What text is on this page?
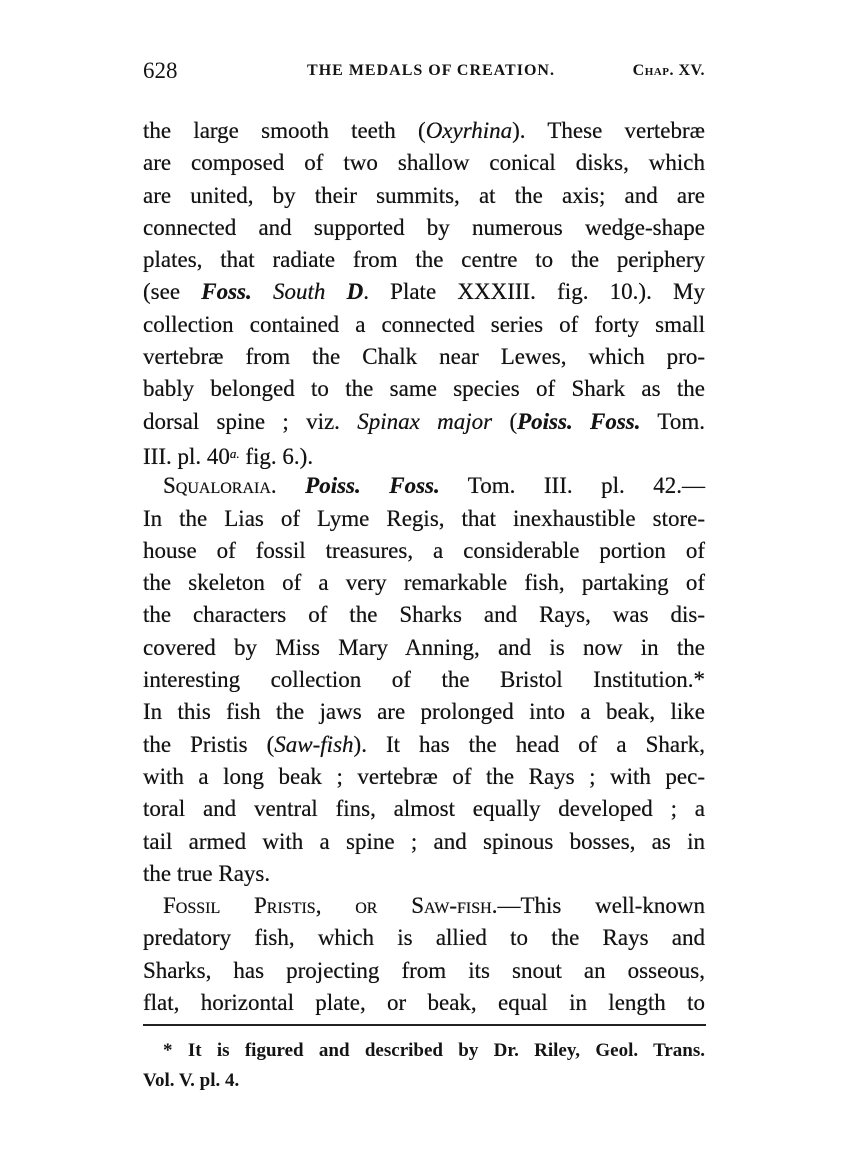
628	THE MEDALS OF CREATION.	Chap. XV.
the large smooth teeth (Oxyrhina). These vertebræ
are composed of two shallow conical disks, which
are united, by their summits, at the axis; and are
connected and supported by numerous wedge-shape
plates, that radiate from the centre to the periphery
(see Foss. South D. Plate XXXIII. fig. 10.). My
collection contained a connected series of forty small
vertebræ from the Chalk near Lewes, which pro-
bably belonged to the same species of Shark as the
dorsal spine ; viz. Spinax major (Poiss. Foss. Tom.
III. pl. $40^{a.}$ fig. 6.).
Squaloraia. Poiss. Foss. Tom. III. pl. 42.—
In the Lias of Lyme Regis, that inexhaustible store-
house of fossil treasures, a considerable portion of
the skeleton of a very remarkable fish, partaking of
the characters of the Sharks and Rays, was dis-
covered by Miss Mary Anning, and is now in the
interesting collection of the Bristol Institution.*
In this fish the jaws are prolonged into a beak, like
the Pristis (Saw-fish). It has the head of a Shark,
with a long beak ; vertebræ of the Rays ; with pec-
toral and ventral fins, almost equally developed ; a
tail armed with a spine ; and spinous bosses, as in
the true Rays.
Fossil Pristis, or Saw-fish.—This well-known
predatory fish, which is allied to the Rays and
Sharks, has projecting from its snout an osseous,
flat, horizontal plate, or beak, equal in length to
* It is figured and described by Dr. Riley, Geol. Trans.
Vol. V. pl. 4.
